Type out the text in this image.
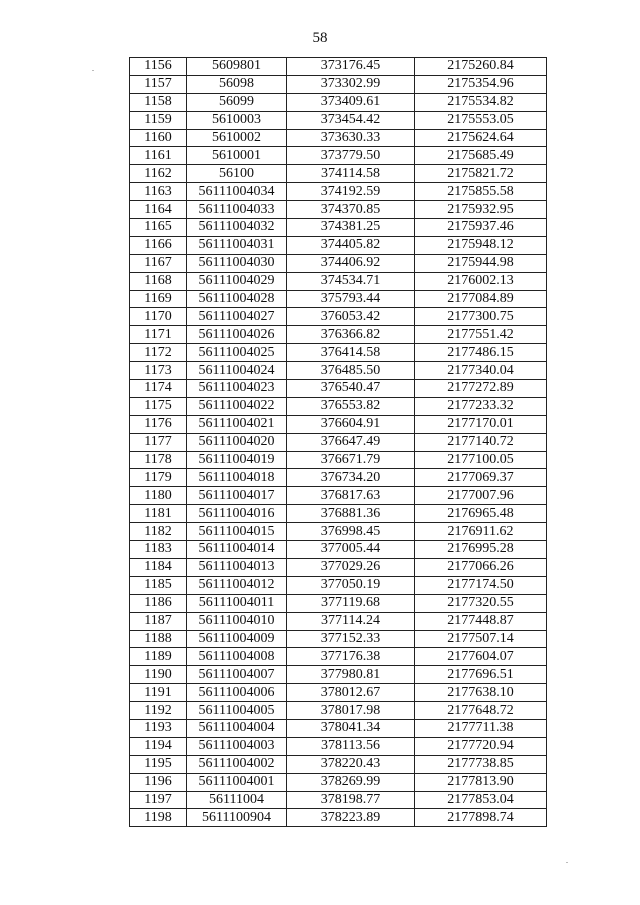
58
1156	5609801	373176.45	2175260.84
1157	56098	373302.99	2175354.96
1158	56099	373409.61	2175534.82
1159	5610003	373454.42	2175553.05
1160	5610002	373630.33	2175624.64
1161	5610001	373779.50	2175685.49
1162	56100	374114.58	2175821.72
1163	56111004034	374192.59	2175855.58
1164	56111004033	374370.85	2175932.95
1165	56111004032	374381.25	2175937.46
1166	56111004031	374405.82	2175948.12
1167	56111004030	374406.92	2175944.98
1168	56111004029	374534.71	2176002.13
1169	56111004028	375793.44	2177084.89
1170	56111004027	376053.42	2177300.75
1171	56111004026	376366.82	2177551.42
1172	56111004025	376414.58	2177486.15
1173	56111004024	376485.50	2177340.04
1174	56111004023	376540.47	2177272.89
1175	56111004022	376553.82	2177233.32
1176	56111004021	376604.91	2177170.01
1177	56111004020	376647.49	2177140.72
1178	56111004019	376671.79	2177100.05
1179	56111004018	376734.20	2177069.37
1180	56111004017	376817.63	2177007.96
1181	56111004016	376881.36	2176965.48
1182	56111004015	376998.45	2176911.62
1183	56111004014	377005.44	2176995.28
1184	56111004013	377029.26	2177066.26
1185	56111004012	377050.19	2177174.50
1186	56111004011	377119.68	2177320.55
1187	56111004010	377114.24	2177448.87
1188	56111004009	377152.33	2177507.14
1189	56111004008	377176.38	2177604.07
1190	56111004007	377980.81	2177696.51
1191	56111004006	378012.67	2177638.10
1192	56111004005	378017.98	2177648.72
1193	56111004004	378041.34	2177711.38
1194	56111004003	378113.56	2177720.94
1195	56111004002	378220.43	2177738.85
1196	56111004001	378269.99	2177813.90
1197	56111004	378198.77	2177853.04
1198	5611100904	378223.89	2177898.74
